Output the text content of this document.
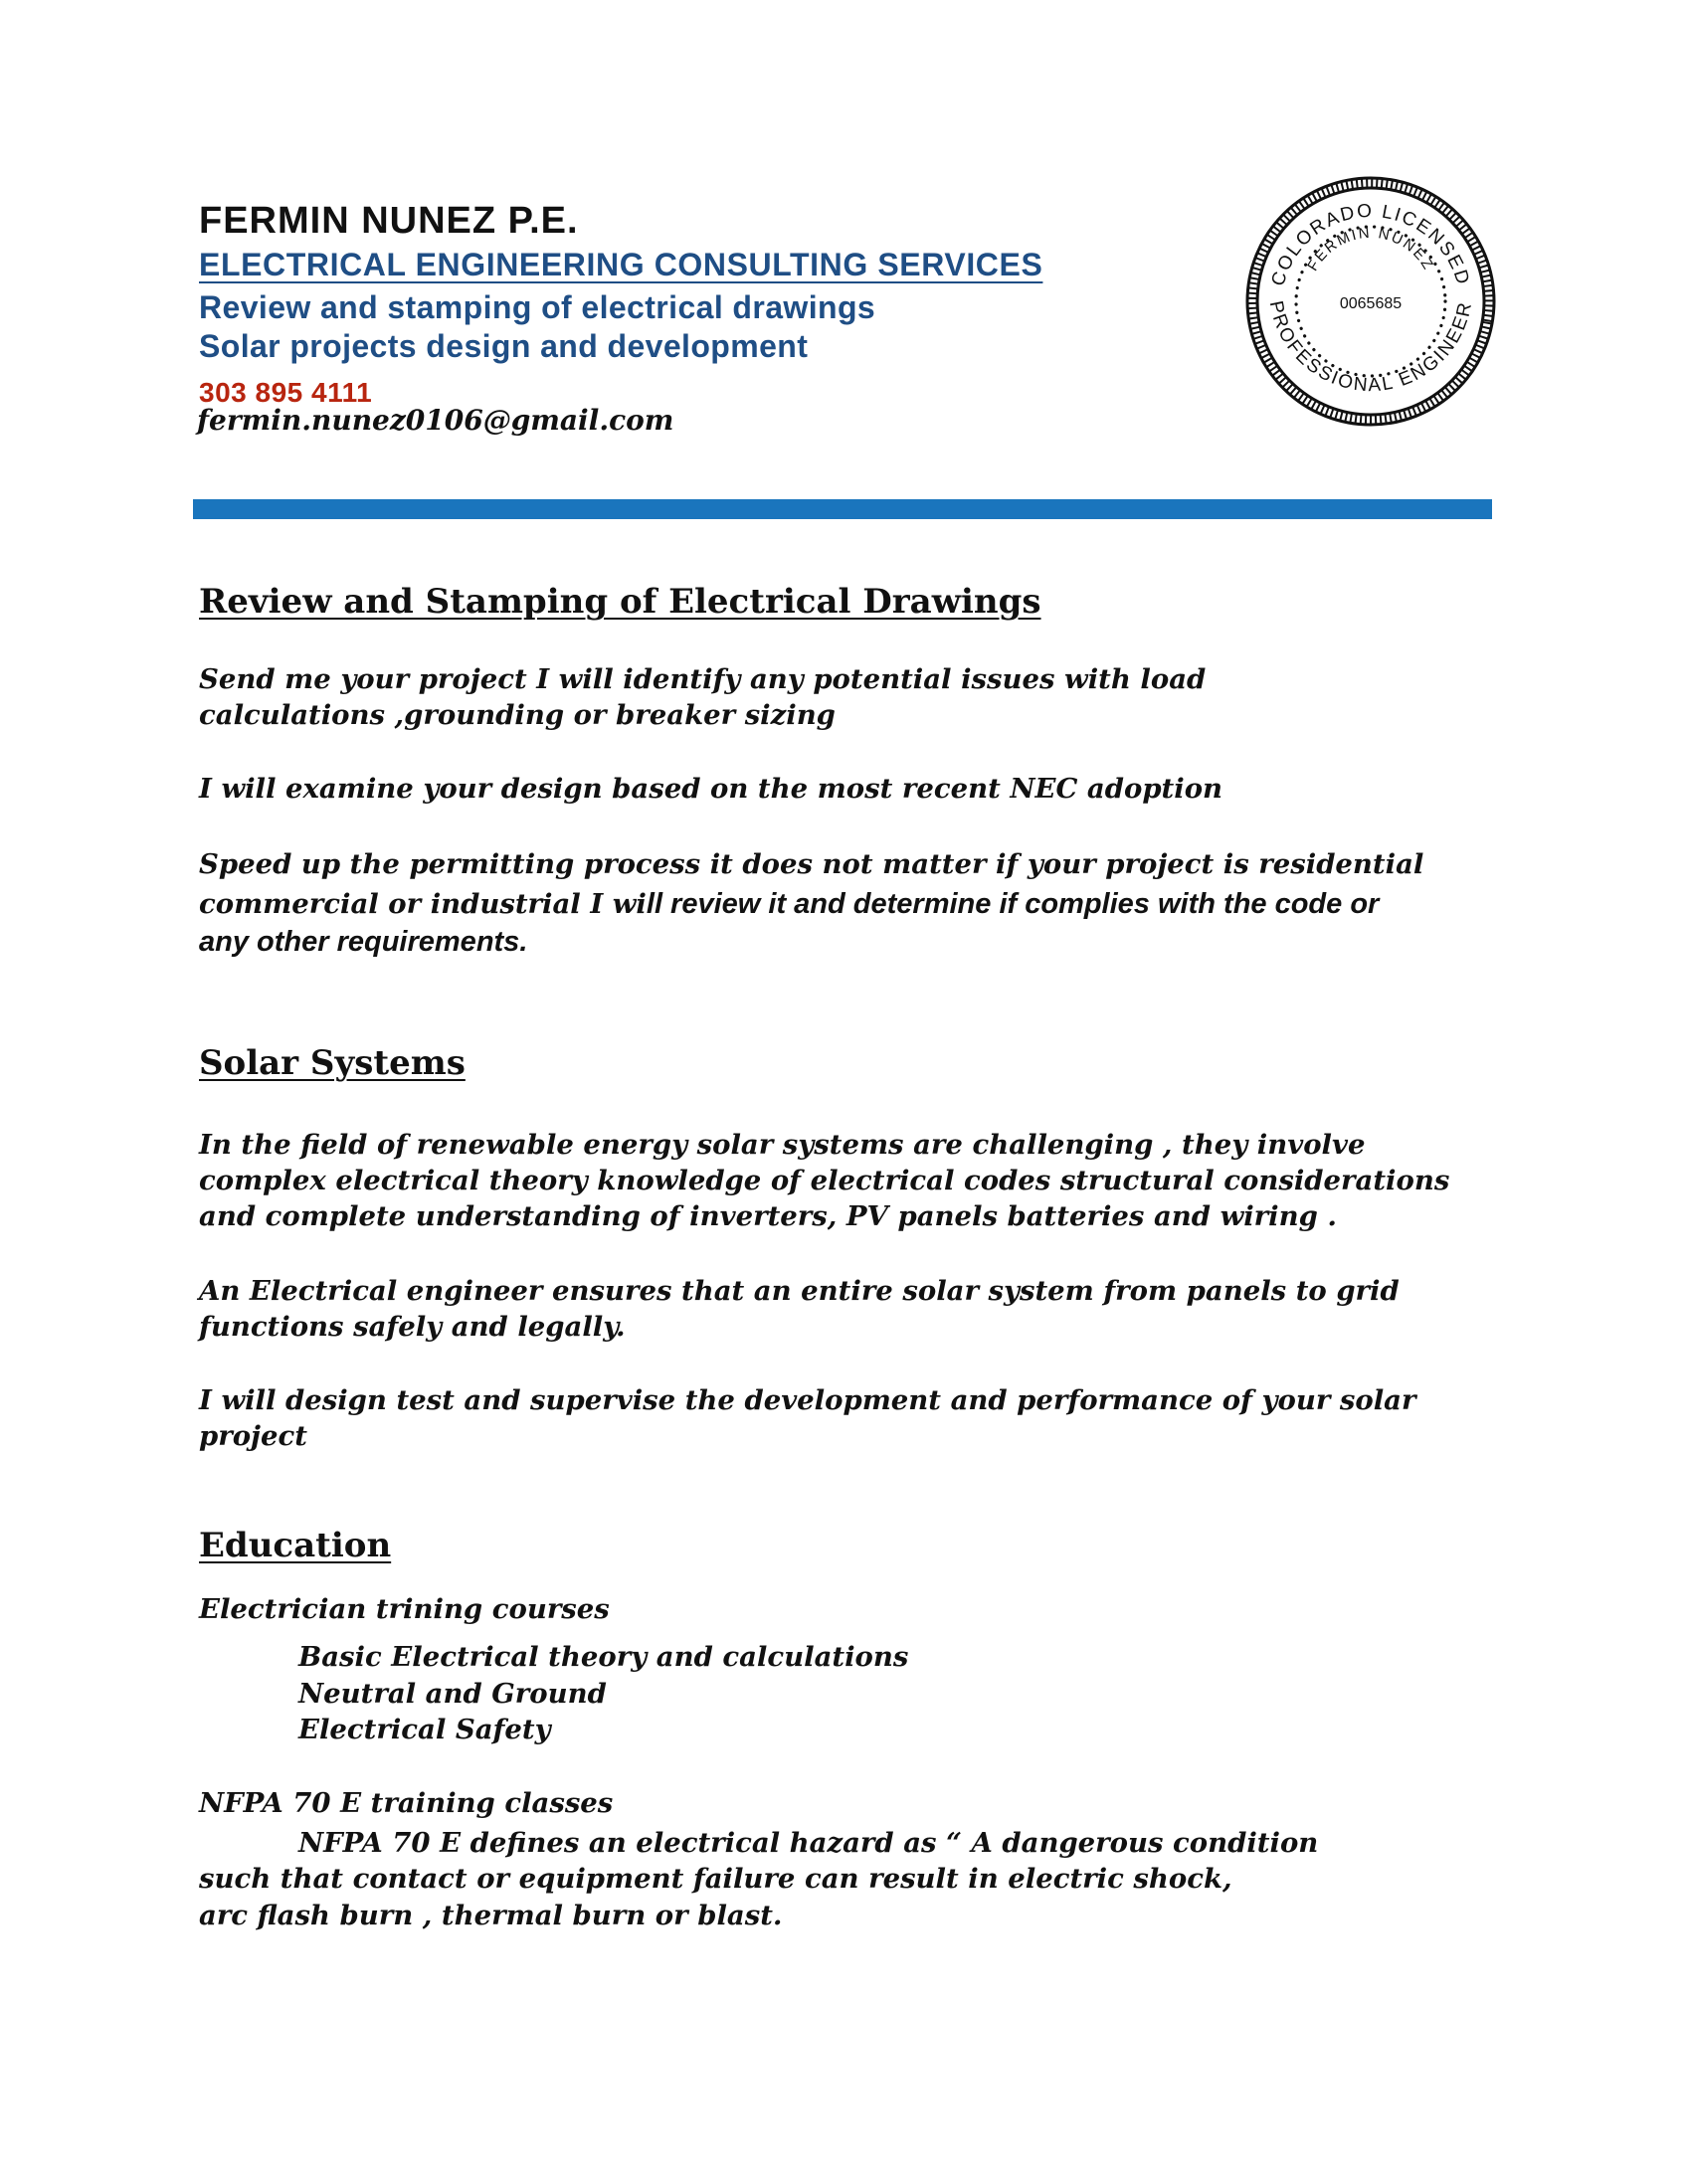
FERMIN NUNEZ P.E.
ELECTRICAL ENGINEERING CONSULTING SERVICES
Review and stamping of electrical drawings
Solar projects design and development
303 895 4111
fermin.nunez0106@gmail.com
COLORADO LICENSED
FERMIN NUNEZ
PROFESSIONAL ENGINEER
0065685
Review and Stamping of Electrical Drawings
Send me your project I will identify any potential issues with load
calculations ,grounding or breaker sizing
I will examine your design based on the most recent NEC adoption
Speed up the permitting process it does not matter if your project is residential
commercial or industrial I will review it and determine if complies with the code or
any other requirements.
Solar Systems
In the field of renewable energy solar systems are challenging , they involve
complex electrical theory knowledge of electrical codes structural considerations
and complete understanding of inverters, PV panels batteries and wiring .
An Electrical engineer ensures that an entire solar system from panels to grid
functions safely and legally.
I will design test and supervise the development and performance of your solar
project
Education
Electrician trining courses
Basic Electrical theory and calculations
Neutral and Ground
Electrical Safety
NFPA 70 E training classes
NFPA 70 E defines an electrical hazard as “ A dangerous condition
such that contact or equipment failure can result in electric shock,
arc flash burn , thermal burn or blast.
